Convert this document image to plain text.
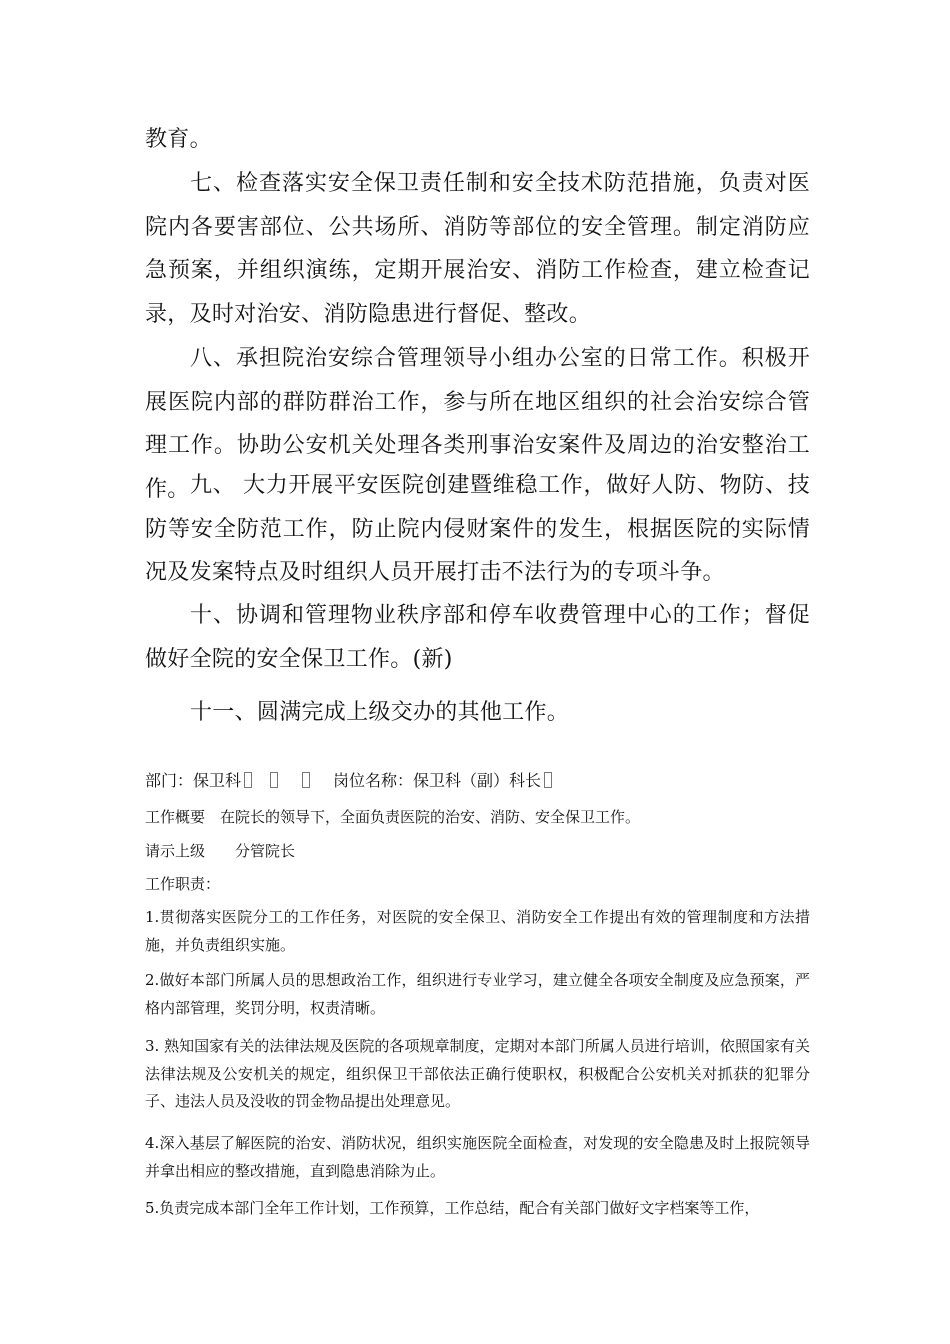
教育。

七、检查落实安全保卫责任制和安全技术防范措施，负责对医院内各要害部位、公共场所、消防等部位的安全管理。制定消防应急预案，并组织演练，定期开展治安、消防工作检查，建立检查记录，及时对治安、消防隐患进行督促、整改。

八、承担院治安综合管理领导小组办公室的日常工作。积极开展医院内部的群防群治工作，参与所在地区组织的社会治安综合管理工作。协助公安机关处理各类刑事治安案件及周边的治安整治工作。 九、 大力开展平安医院创建暨维稳工作，做好人防、物防、技防等安全防范工作，防止院内侵财案件的发生，根据医院的实际情况及发案特点及时组织人员开展打击不法行为的专项斗争。

十、协调和管理物业秩序部和停车收费管理中心的工作；督促做好全院的安全保卫工作。(新)

十一、圆满完成上级交办的其他工作。

部门：保卫科	岗位名称：保卫科（副）科长

工作概要　在院长的领导下，全面负责医院的治安、消防、安全保卫工作。

请示上级　　分管院长

工作职责：

1.贯彻落实医院分工的工作任务，对医院的安全保卫、消防安全工作提出有效的管理制度和方法措施，并负责组织实施。

2.做好本部门所属人员的思想政治工作，组织进行专业学习，建立健全各项安全制度及应急预案，严格内部管理，奖罚分明，权责清晰。

3. 熟知国家有关的法律法规及医院的各项规章制度，定期对本部门所属人员进行培训，依照国家有关法律法规及公安机关的规定，组织保卫干部依法正确行使职权，积极配合公安机关对抓获的犯罪分子、违法人员及没收的罚金物品提出处理意见。

4.深入基层了解医院的治安、消防状况，组织实施医院全面检查，对发现的安全隐患及时上报院领导并拿出相应的整改措施，直到隐患消除为止。

5.负责完成本部门全年工作计划，工作预算，工作总结，配合有关部门做好文字档案等工作，
